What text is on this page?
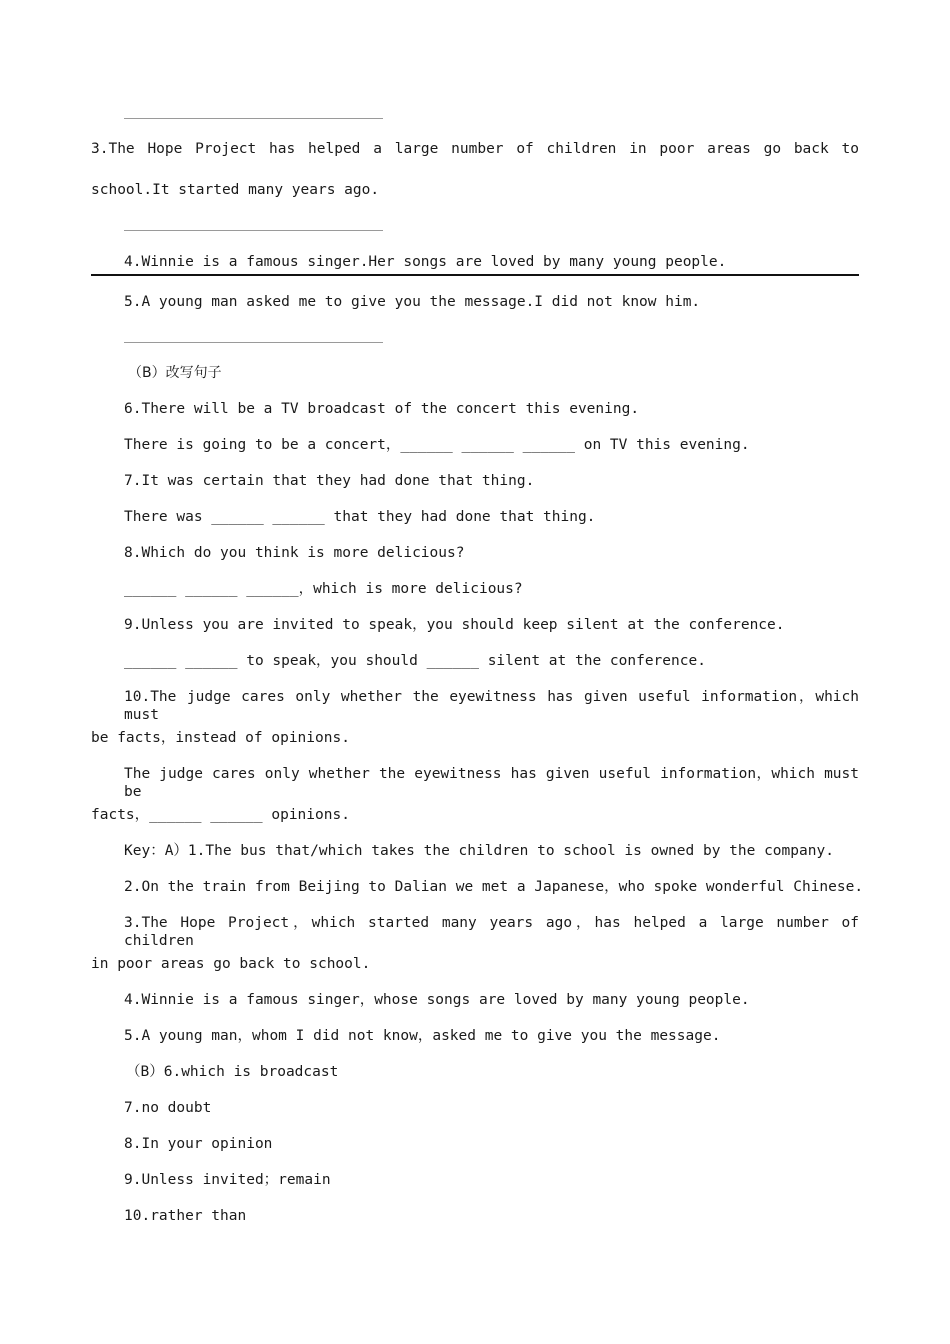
3.The Hope Project has helped a large number of children in poor areas go back to
school.It started many years ago.
4.Winnie is a famous singer.Her songs are loved by many young people.
5.A young man asked me to give you the message.I did not know him.
（B）改写句子
6.There will be a TV broadcast of the concert this evening.
There is going to be a concert，______ ______ ______ on TV this evening.
7.It was certain that they had done that thing.
There was ______ ______ that they had done that thing.
8.Which do you think is more delicious?
______ ______ ______，which is more delicious?
9.Unless you are invited to speak，you should keep silent at the conference.
______ ______ to speak，you should ______ silent at the conference.
10.The judge cares only whether the eyewitness has given useful information，which must
be facts，instead of opinions.
The judge cares only whether the eyewitness has given useful information，which must be
facts，______ ______ opinions.
Key：A）1.The bus that/which takes the children to school is owned by the company.
2.On the train from Beijing to Dalian we met a Japanese，who spoke wonderful Chinese.
3.The Hope Project，which started many years ago，has helped a large number of children
in poor areas go back to school.
4.Winnie is a famous singer，whose songs are loved by many young people.
5.A young man，whom I did not know，asked me to give you the message.
（B）6.which is broadcast
7.no doubt
8.In your opinion
9.Unless invited；remain
10.rather than
